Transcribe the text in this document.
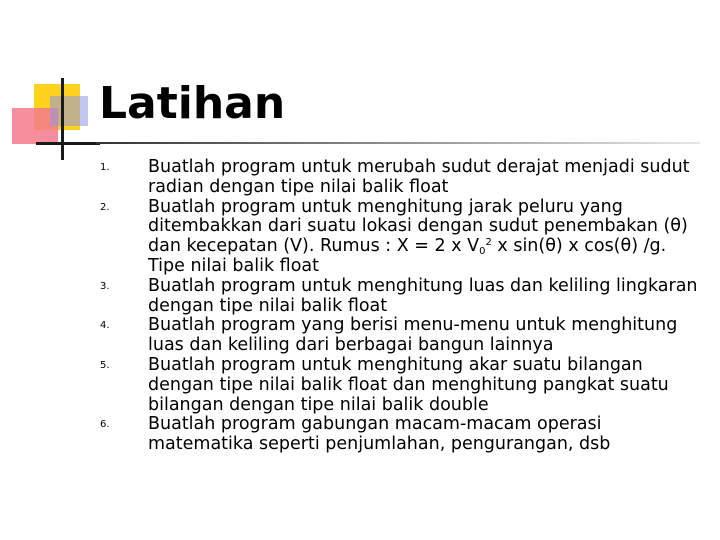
Latihan
1. Buatlah program untuk merubah sudut derajat menjadi sudut radian dengan tipe nilai balik float
2. Buatlah program untuk menghitung jarak peluru yang ditembakkan dari suatu lokasi dengan sudut penembakan (θ) dan kecepatan (V). Rumus : X = 2 x $V_0^2$ x sin(θ) x cos(θ) /g. Tipe nilai balik float
3. Buatlah program untuk menghitung luas dan keliling lingkaran dengan tipe nilai balik float
4. Buatlah program yang berisi menu-menu untuk menghitung luas dan keliling dari berbagai bangun lainnya
5. Buatlah program untuk menghitung akar suatu bilangan dengan tipe nilai balik float dan menghitung pangkat suatu bilangan dengan tipe nilai balik double
6. Buatlah program gabungan macam-macam operasi matematika seperti penjumlahan, pengurangan, dsb
